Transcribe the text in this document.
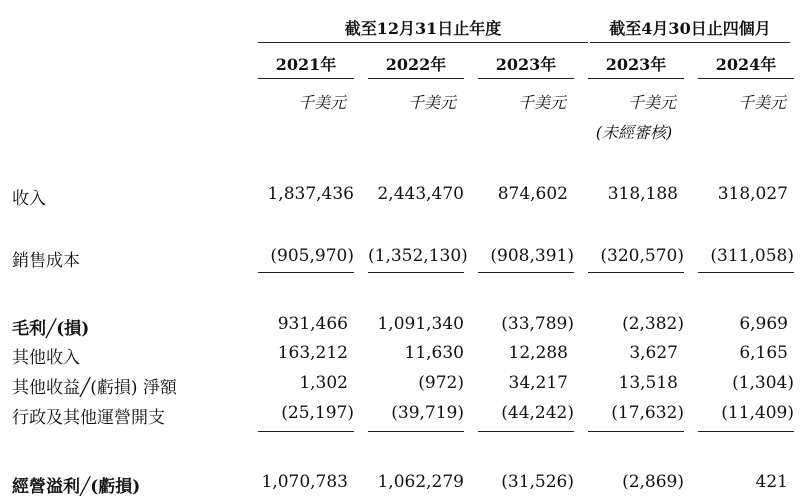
截至12月31日止年度	截至4月30日止四個月
2021年	2022年	2023年	2023年	2024年
千美元	千美元	千美元	千美元	千美元
(未經審核)
收入	1,837,436	2,443,470	874,602	318,188	318,027
銷售成本	(905,970) (1,352,130)	(908,391)	(320,570)	(311,058)
毛利╱(損)	931,466	1,091,340	(33,789)	(2,382)	6,969
其他收入	163,212	11,630	12,288	3,627	6,165
其他收益╱(虧損) 淨額	1,302	(972)	34,217	13,518	(1,304)
行政及其他運營開支	(25,197)	(39,719)	(44,242)	(17,632)	(11,409)
經營溢利╱(虧損)	1,070,783	1,062,279	(31,526)	(2,869)	421
